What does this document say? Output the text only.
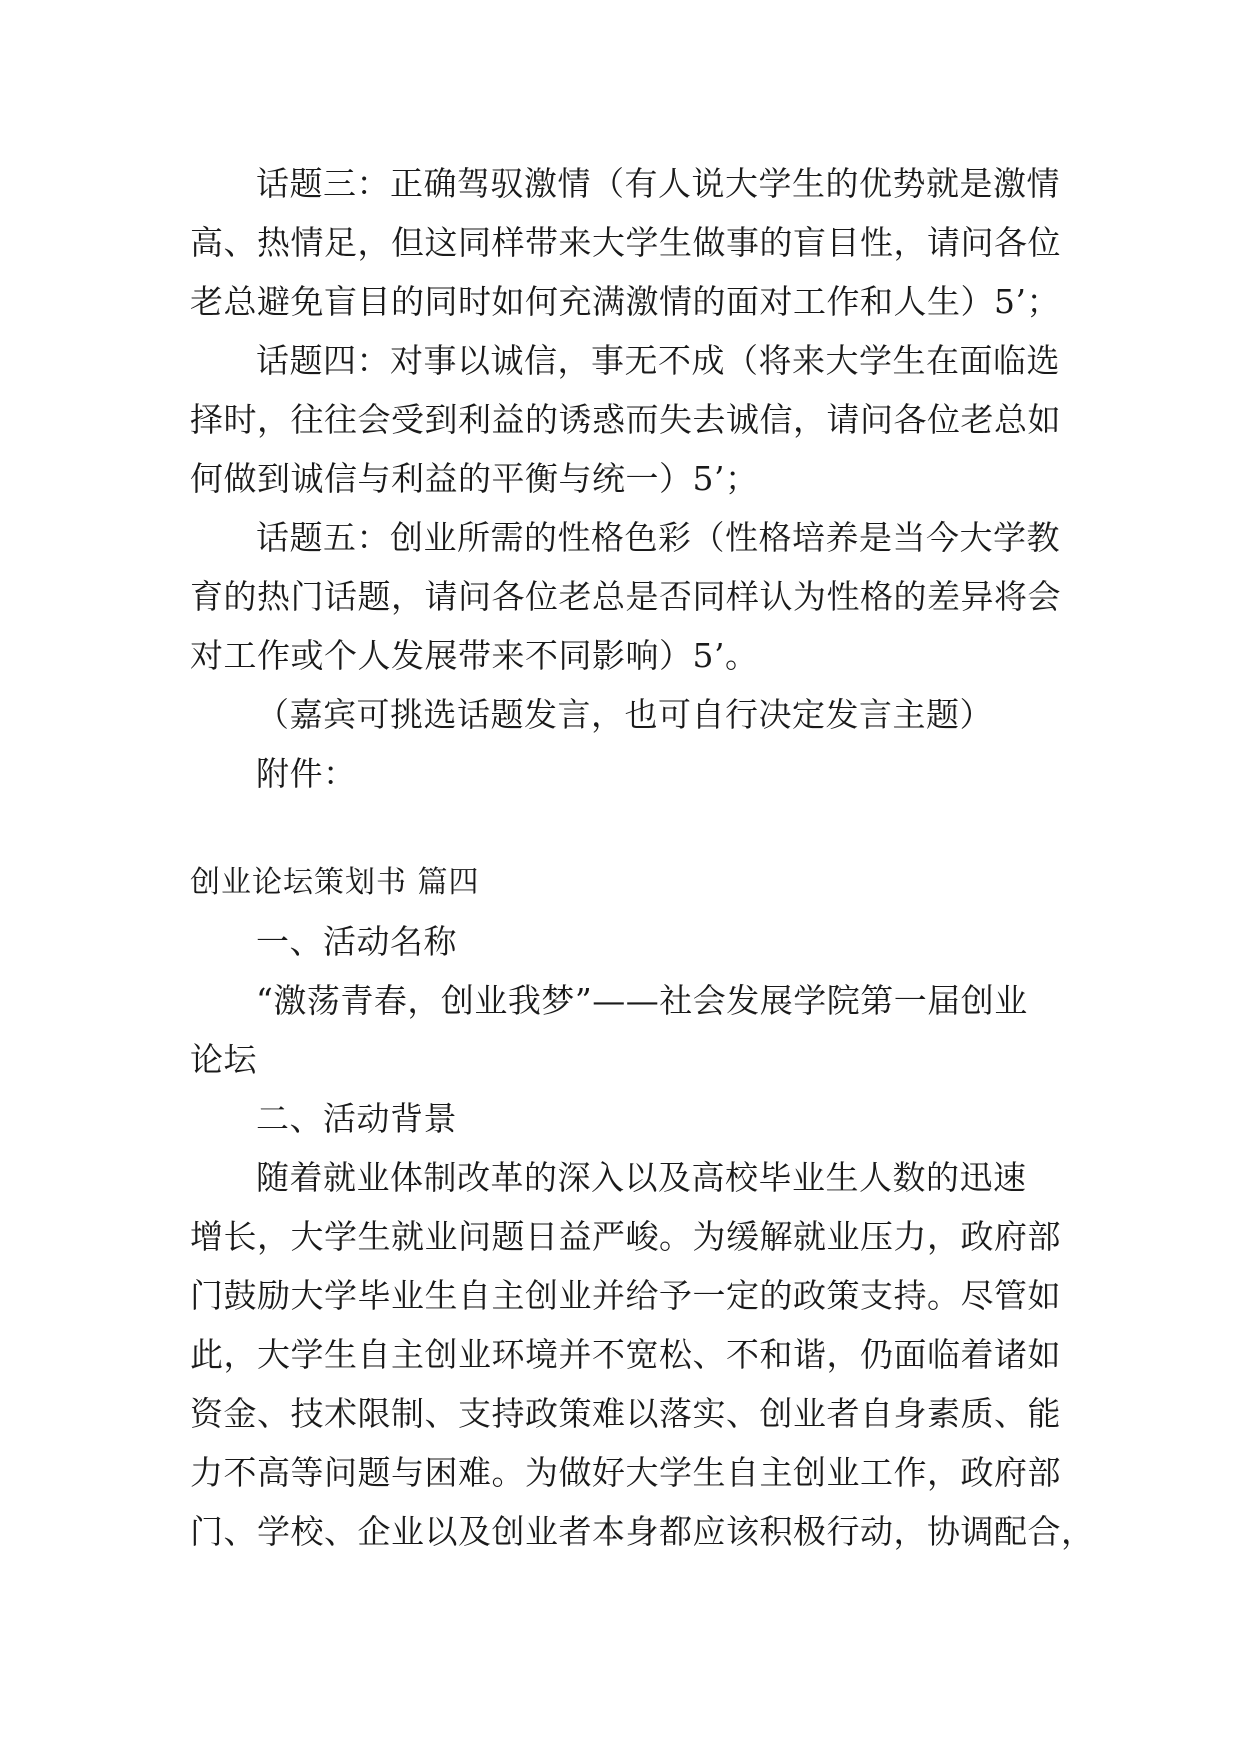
话题三：正确驾驭激情（有人说大学生的优势就是激情
高、热情足，但这同样带来大学生做事的盲目性，请问各位
老总避免盲目的同时如何充满激情的面对工作和人生）5’；
话题四：对事以诚信，事无不成（将来大学生在面临选
择时，往往会受到利益的诱惑而失去诚信，请问各位老总如
何做到诚信与利益的平衡与统一）5’；
话题五：创业所需的性格色彩（性格培养是当今大学教
育的热门话题，请问各位老总是否同样认为性格的差异将会
对工作或个人发展带来不同影响）5’。
（嘉宾可挑选话题发言，也可自行决定发言主题）
附件：
创业论坛策划书 篇四
一、活动名称
“激荡青春，创业我梦”——社会发展学院第一届创业
论坛
二、活动背景
随着就业体制改革的深入以及高校毕业生人数的迅速
增长，大学生就业问题日益严峻。为缓解就业压力，政府部
门鼓励大学毕业生自主创业并给予一定的政策支持。尽管如
此，大学生自主创业环境并不宽松、不和谐，仍面临着诸如
资金、技术限制、支持政策难以落实、创业者自身素质、能
力不高等问题与困难。为做好大学生自主创业工作，政府部
门、学校、企业以及创业者本身都应该积极行动，协调配合，
